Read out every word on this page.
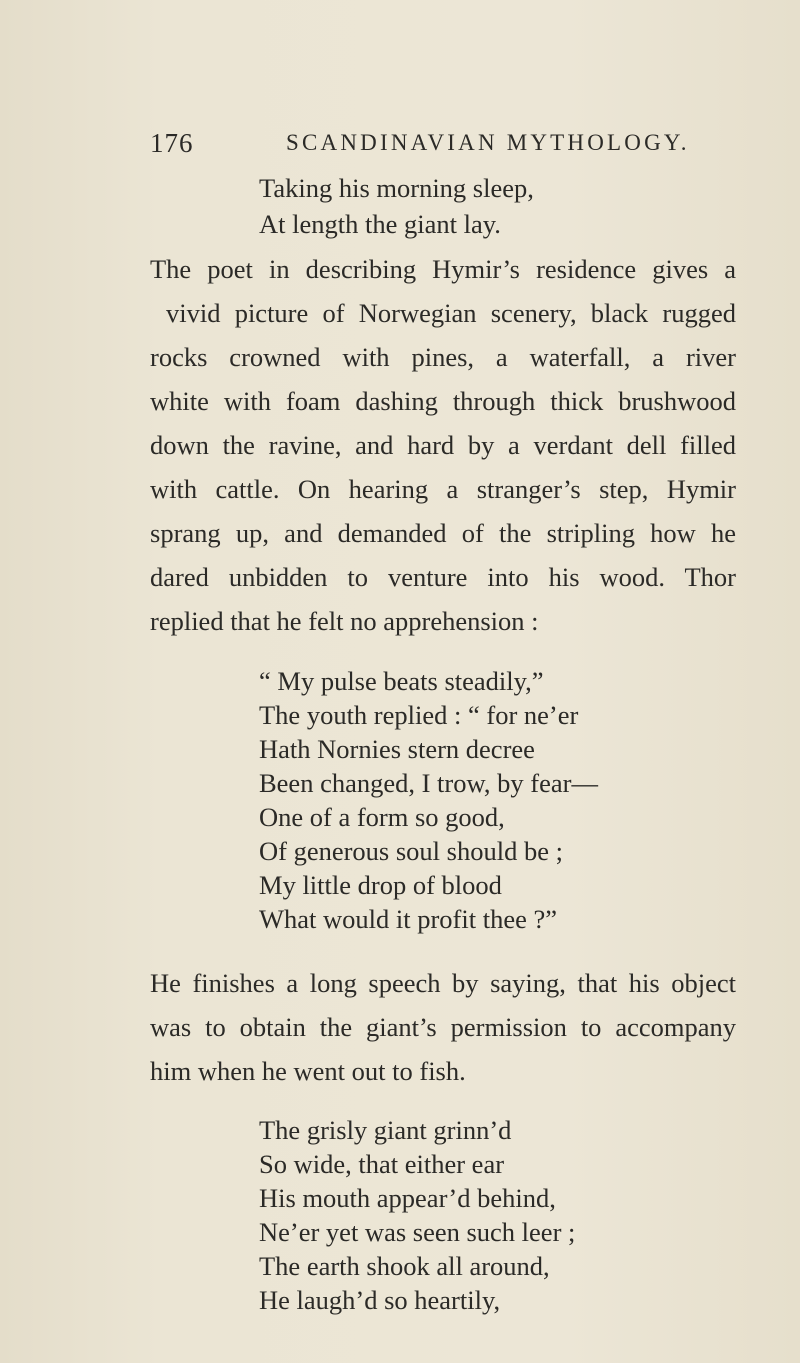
176	SCANDINAVIAN MYTHOLOGY.
Taking his morning sleep,
At length the giant lay.
The poet in describing Hymir’s residence gives a
vivid picture of Norwegian scenery, black rugged
rocks crowned with pines, a waterfall, a river
white with foam dashing through thick brushwood
down the ravine, and hard by a verdant dell filled
with cattle. On hearing a stranger’s step, Hymir
sprang up, and demanded of the stripling how he
dared unbidden to venture into his wood. Thor
replied that he felt no apprehension :
“ My pulse beats steadily,”
The youth replied : “ for ne’er
Hath Nornies stern decree
Been changed, I trow, by fear—
One of a form so good,
Of generous soul should be ;
My little drop of blood
What would it profit thee ?”
He finishes a long speech by saying, that his object
was to obtain the giant’s permission to accompany
him when he went out to fish.
The grisly giant grinn’d
So wide, that either ear
His mouth appear’d behind,
Ne’er yet was seen such leer ;
The earth shook all around,
He laugh’d so heartily,
